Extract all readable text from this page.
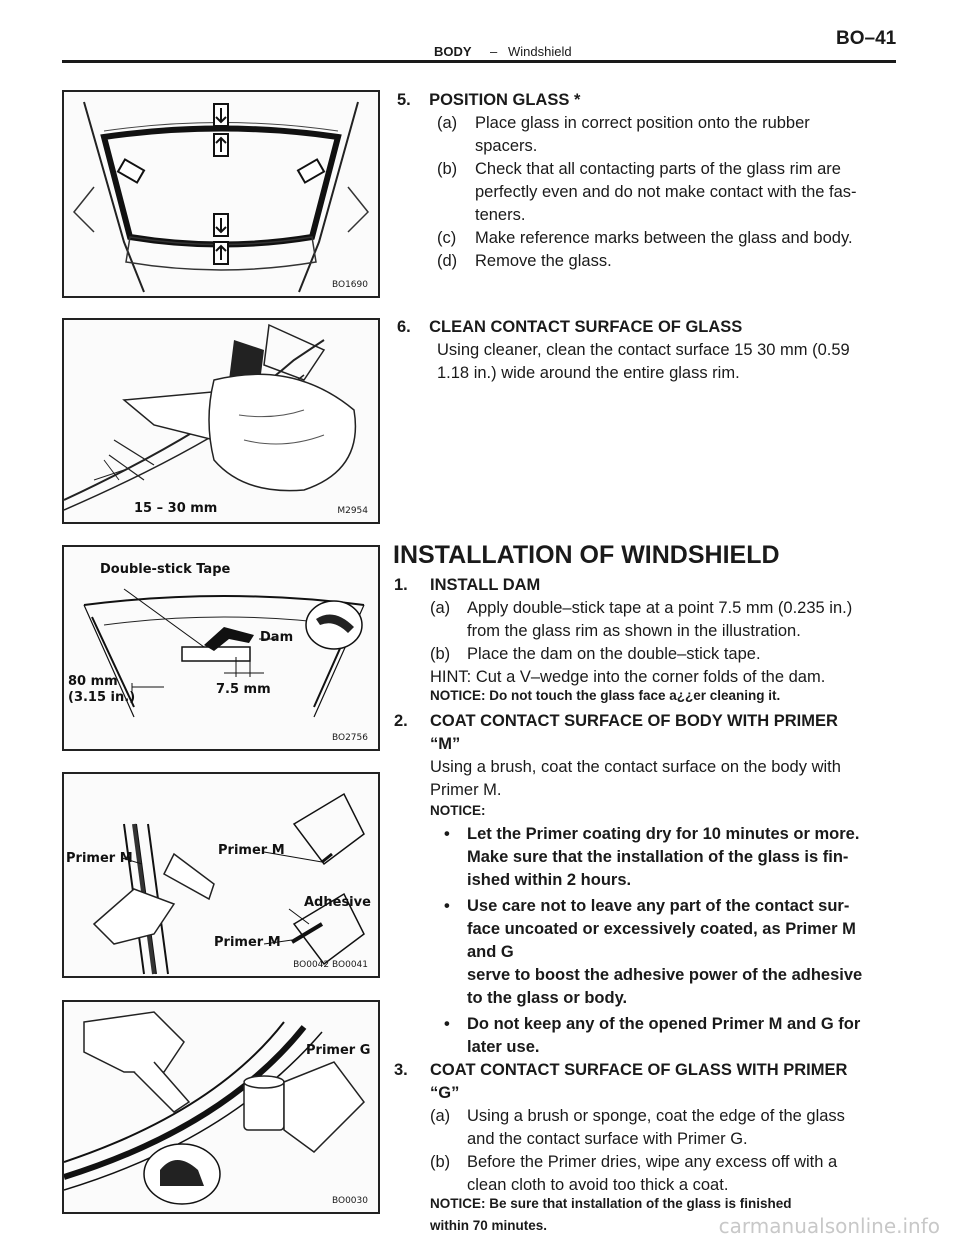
BODY – Windshield
BO–41
BO1690
15 – 30 mm	M2954
Double-stick Tape
Dam
7.5 mm
80 mm
(3.15 in.)
BO2756
Primer M
Primer M
Adhesive
Primer M
BO0042 BO0041
Primer G
BO0030
5.    POSITION GLASS *
(a) Place glass in correct position onto the rubber
spacers.
(b) Check that all contacting parts of the glass rim are
perfectly even and do not make contact with the fas-
teners.
(c) Make reference marks between the glass and body.
(d) Remove the glass.
6.    CLEAN CONTACT SURFACE OF GLASS
Using cleaner, clean the contact surface 15 30 mm (0.59
1.18 in.) wide around the entire glass rim.
INSTALLATION OF WINDSHIELD
1. INSTALL DAM
(a) Apply double–stick tape at a point 7.5 mm (0.235 in.)
from the glass rim as shown in the illustration.
(b) Place the dam on the double–stick tape.
HINT: Cut a V–wedge into the corner folds of the dam.
NOTICE: Do not touch the glass face a¿¿er cleaning it.
2. COAT CONTACT SURFACE OF BODY WITH PRIMER
“M”
Using a brush, coat the contact surface on the body with
Primer M.
NOTICE:
• Let the Primer coating dry for 10 minutes or more.
Make sure that the installation of the glass is fin-
ished within 2 hours.
• Use care not to leave any part of the contact sur-
face uncoated or excessively coated, as Primer M
and G
serve to boost the adhesive power of the adhesive
to the glass or body.
• Do not keep any of the opened Primer M and G for
later use.
3. COAT CONTACT SURFACE OF GLASS WITH PRIMER
“G”
(a) Using a brush or sponge, coat the edge of the glass
and the contact surface with Primer G.
(b) Before the Primer dries, wipe any excess off with a
clean cloth to avoid too thick a coat.
NOTICE: Be sure that installation of the glass is finished
within 70 minutes.	carmanualsonline.info
